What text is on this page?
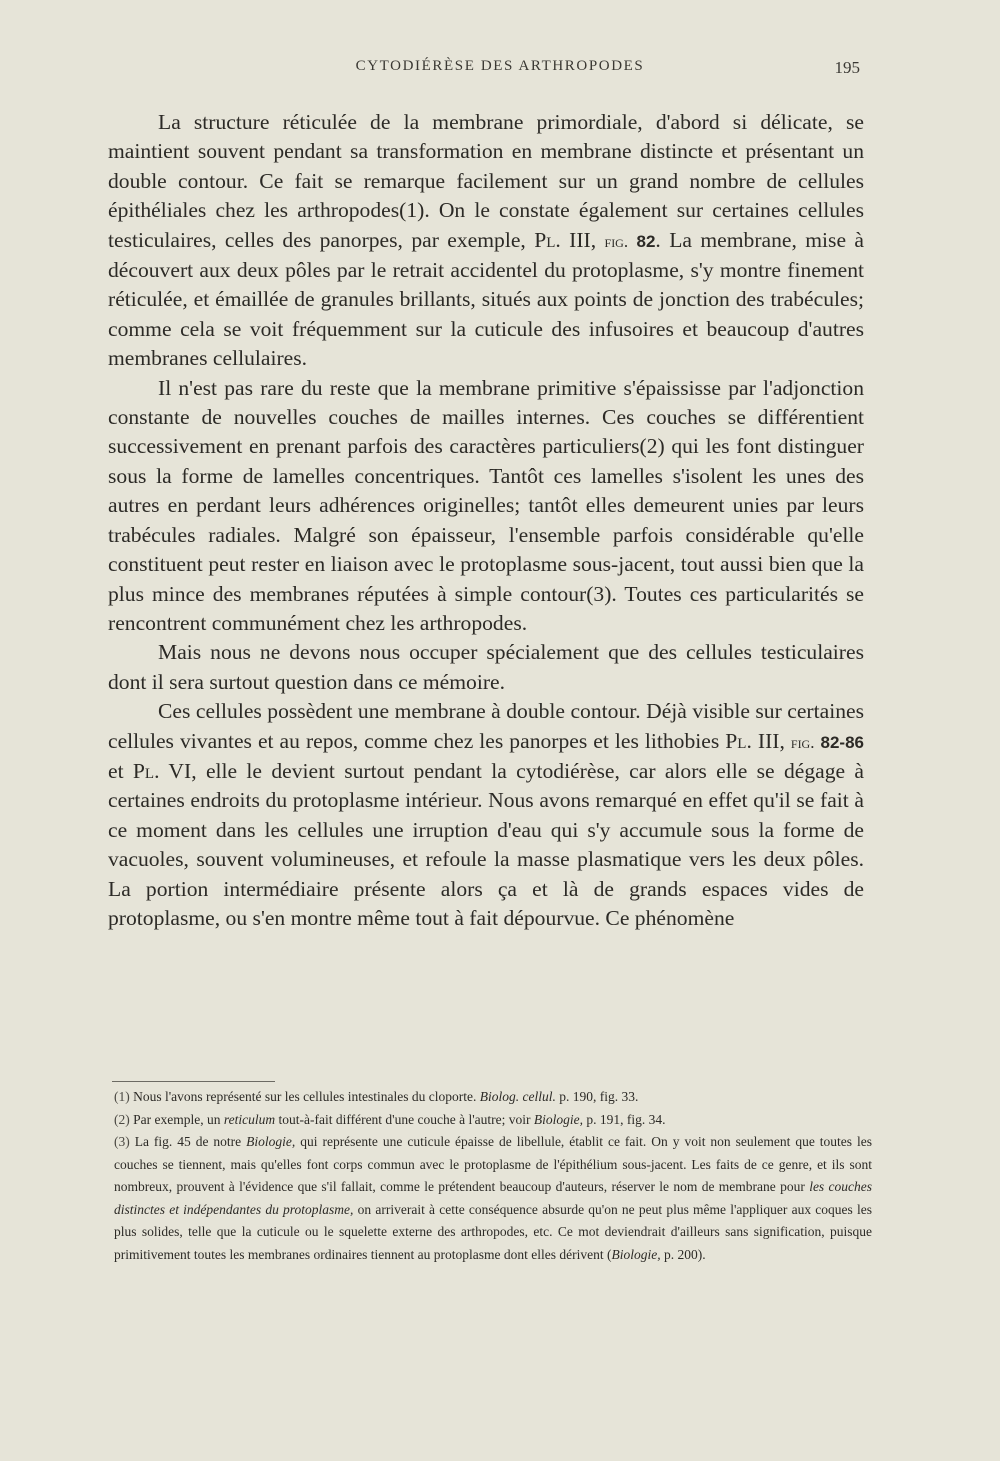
CYTODIÉRÈSE DES ARTHROPODES	195

La structure réticulée de la membrane primordiale, d'abord si délicate, se maintient souvent pendant sa transformation en membrane distincte et présentant un double contour. Ce fait se remarque facilement sur un grand nombre de cellules épithéliales chez les arthropodes(1). On le constate également sur certaines cellules testiculaires, celles des panorpes, par exemple, Pl. III, fig. 82. La membrane, mise à découvert aux deux pôles par le retrait accidentel du protoplasme, s'y montre finement réticulée, et émaillée de granules brillants, situés aux points de jonction des trabécules; comme cela se voit fréquemment sur la cuticule des infusoires et beaucoup d'autres membranes cellulaires.

Il n'est pas rare du reste que la membrane primitive s'épaississe par l'adjonction constante de nouvelles couches de mailles internes. Ces couches se différentient successivement en prenant parfois des caractères particuliers(2) qui les font distinguer sous la forme de lamelles concentriques. Tantôt ces lamelles s'isolent les unes des autres en perdant leurs adhérences originelles; tantôt elles demeurent unies par leurs trabécules radiales. Malgré son épaisseur, l'ensemble parfois considérable qu'elle constituent peut rester en liaison avec le protoplasme sous-jacent, tout aussi bien que la plus mince des membranes réputées à simple contour(3). Toutes ces particularités se rencontrent communément chez les arthropodes.

Mais nous ne devons nous occuper spécialement que des cellules testiculaires dont il sera surtout question dans ce mémoire.

Ces cellules possèdent une membrane à double contour. Déjà visible sur certaines cellules vivantes et au repos, comme chez les panorpes et les lithobies Pl. III, fig. 82-86 et Pl. VI, elle le devient surtout pendant la cytodiérèse, car alors elle se dégage à certaines endroits du protoplasme intérieur. Nous avons remarqué en effet qu'il se fait à ce moment dans les cellules une irruption d'eau qui s'y accumule sous la forme de vacuoles, souvent volumineuses, et refoule la masse plasmatique vers les deux pôles. La portion intermédiaire présente alors ça et là de grands espaces vides de protoplasme, ou s'en montre même tout à fait dépourvue. Ce phénomène

(1) Nous l'avons représenté sur les cellules intestinales du cloporte. Biolog. cellul. p. 190, fig. 33.

(2) Par exemple, un reticulum tout-à-fait différent d'une couche à l'autre; voir Biologie, p. 191, fig. 34.

(3) La fig. 45 de notre Biologie, qui représente une cuticule épaisse de libellule, établit ce fait. On y voit non seulement que toutes les couches se tiennent, mais qu'elles font corps commun avec le protoplasme de l'épithélium sous-jacent. Les faits de ce genre, et ils sont nombreux, prouvent à l'évidence que s'il fallait, comme le prétendent beaucoup d'auteurs, réserver le nom de membrane pour les couches distinctes et indépendantes du protoplasme, on arriverait à cette conséquence absurde qu'on ne peut plus même l'appliquer aux coques les plus solides, telle que la cuticule ou le squelette externe des arthropodes, etc. Ce mot deviendrait d'ailleurs sans signification, puisque primitivement toutes les membranes ordinaires tiennent au protoplasme dont elles dérivent (Biologie, p. 200).
